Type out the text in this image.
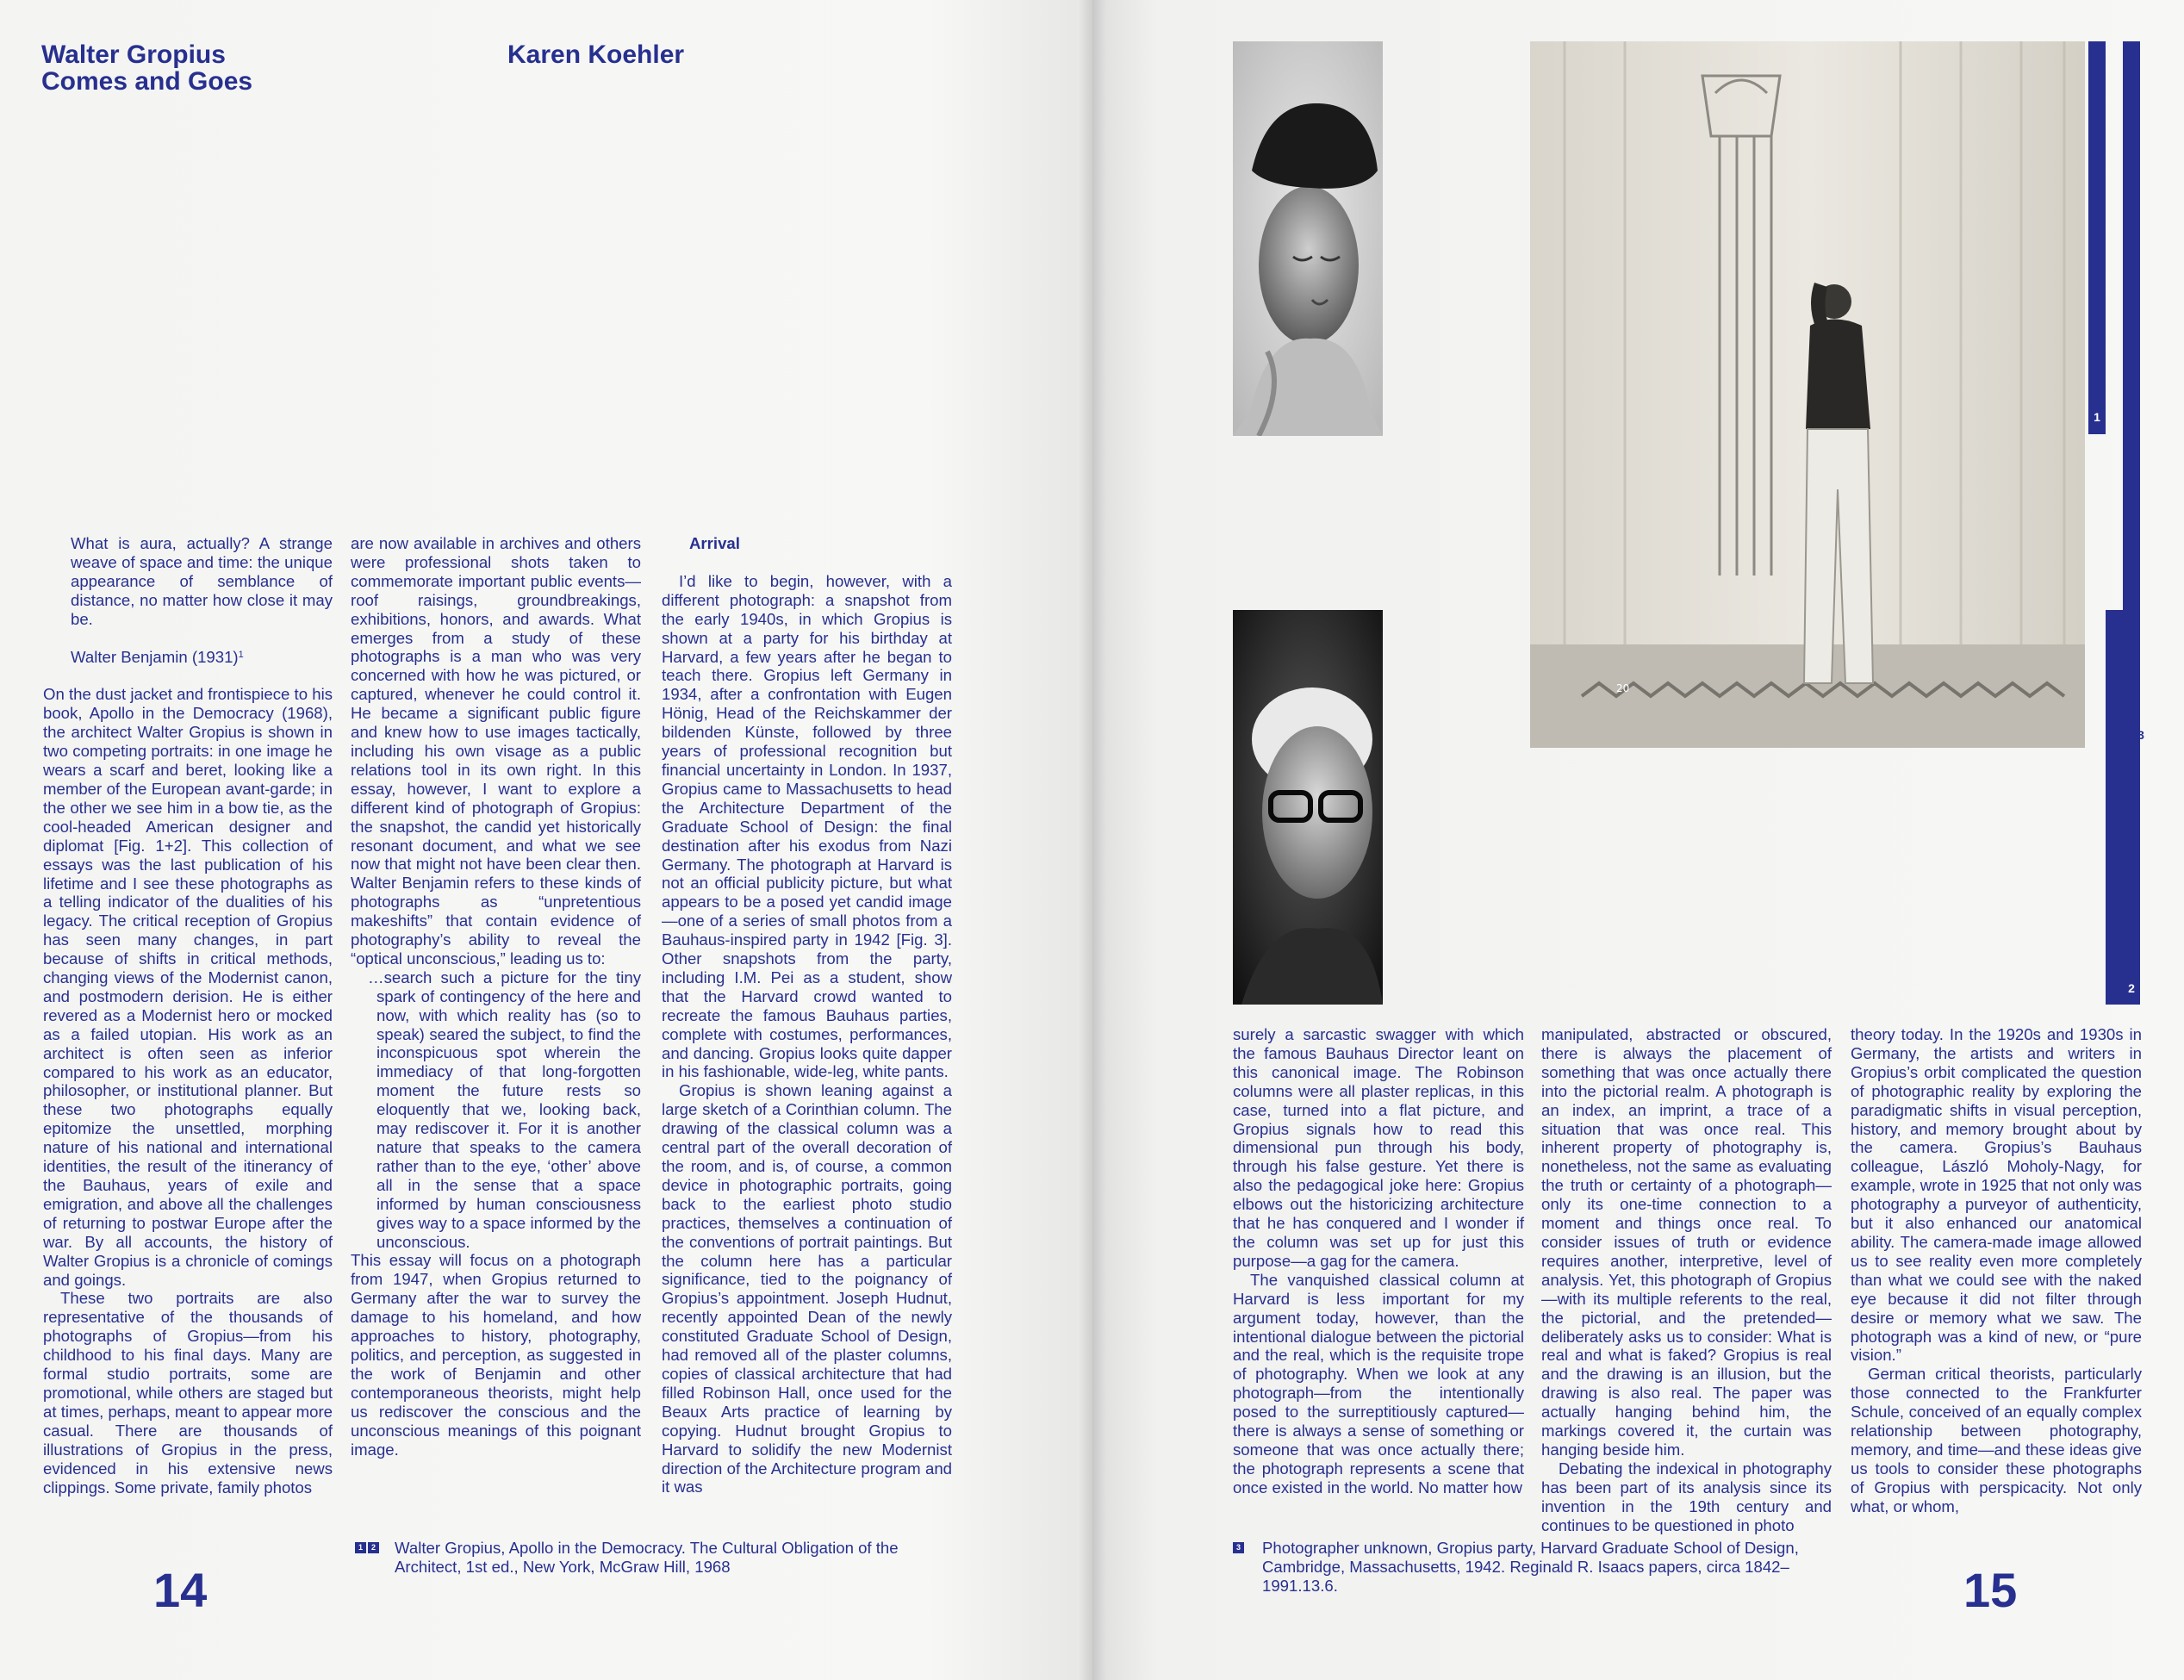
Walter Gropius
Comes and Goes
Karen Koehler

What is aura, actually? A strange weave of space and time: the unique appearance of semblance of distance, no matter how close it may be.

Walter Benjamin $(1931)^1$

On the dust jacket and frontispiece to his book, Apollo in the Democracy (1968), the architect Walter Gropius is shown in two competing portraits: in one image he wears a scarf and beret, looking like a member of the European avant-garde; in the other we see him in a bow tie, as the cool-headed American designer and diplomat [Fig. 1+2]. This collection of essays was the last publication of his lifetime and I see these photographs as a telling indicator of the dualities of his legacy. The critical reception of Gropius has seen many changes, in part because of shifts in critical methods, changing views of the Modernist canon, and postmodern derision. He is either revered as a Modernist hero or mocked as a failed utopian. His work as an architect is often seen as inferior compared to his work as an educator, philosopher, or institutional planner. But these two photographs equally epitomize the unsettled, morphing nature of his national and international identities, the result of the itinerancy of the Bauhaus, years of exile and emigration, and above all the challenges of returning to postwar Europe after the war. By all accounts, the history of Walter Gropius is a chronicle of comings and goings.

These two portraits are also representative of the thousands of photographs of Gropius—from his childhood to his final days. Many are formal studio portraits, some are promotional, while others are staged but at times, perhaps, meant to appear more casual. There are thousands of illustrations of Gropius in the press, evidenced in his extensive news clippings. Some private, family photos

are now available in archives and others were professional shots taken to commemorate important public events—roof raisings, groundbreakings, exhibitions, honors, and awards. What emerges from a study of these photographs is a man who was very concerned with how he was pictured, or captured, whenever he could control it. He became a significant public figure and knew how to use images tactically, including his own visage as a public relations tool in its own right. In this essay, however, I want to explore a different kind of photograph of Gropius: the snapshot, the candid yet historically resonant document, and what we see now that might not have been clear then. Walter Benjamin refers to these kinds of photographs as “unpretentious makeshifts” that contain evidence of photography’s ability to reveal the “optical unconscious,” leading us to:

…search such a picture for the tiny spark of contingency of the here and now, with which reality has (so to speak) seared the subject, to find the inconspicuous spot wherein the immediacy of that long-forgotten moment the future rests so eloquently that we, looking back, may rediscover it. For it is another nature that speaks to the camera rather than to the eye, ‘other’ above all in the sense that a space informed by human consciousness gives way to a space informed by the unconscious.

This essay will focus on a photograph from 1947, when Gropius returned to Germany after the war to survey the damage to his homeland, and how approaches to history, photography, politics, and perception, as suggested in the work of Benjamin and other contemporaneous theorists, might help us rediscover the conscious and the unconscious meanings of this poignant image.

Arrival

I’d like to begin, however, with a different photograph: a snapshot from the early 1940s, in which Gropius is shown at a party for his birthday at Harvard, a few years after he began to teach there. Gropius left Germany in 1934, after a confrontation with Eugen Hönig, Head of the Reichskammer der bildenden Künste, followed by three years of professional recognition but financial uncertainty in London. In 1937, Gropius came to Massachusetts to head the Architecture Department of the Graduate School of Design: the final destination after his exodus from Nazi Germany. The photograph at Harvard is not an official publicity picture, but what appears to be a posed yet candid image—one of a series of small photos from a Bauhaus-inspired party in 1942 [Fig. 3]. Other snapshots from the party, including I.M. Pei as a student, show that the Harvard crowd wanted to recreate the famous Bauhaus parties, complete with costumes, performances, and dancing. Gropius looks quite dapper in his fashionable, wide-leg, white pants.

Gropius is shown leaning against a large sketch of a Corinthian column. The drawing of the classical column was a central part of the overall decoration of the room, and is, of course, a common device in photographic portraits, going back to the earliest photo studio practices, themselves a continuation of the conventions of portrait paintings. But the column here has a particular significance, tied to the poignancy of Gropius’s appointment. Joseph Hudnut, recently appointed Dean of the newly constituted Graduate School of Design, had removed all of the plaster columns, copies of classical architecture that had filled Robinson Hall, once used for the Beaux Arts practice of learning by copying. Hudnut brought Gropius to Harvard to solidify the new Modernist direction of the Architecture program and it was

1	2 Walter Gropius, Apollo in the Democracy. The Cultural Obligation of the Architect, 1st ed., New York, McGraw Hill, 1968
14
20
1
2
3

surely a sarcastic swagger with which the famous Bauhaus Director leant on this canonical image. The Robinson columns were all plaster replicas, in this case, turned into a flat picture, and Gropius signals how to read this dimensional pun through his body, through his false gesture. Yet there is also the pedagogical joke here: Gropius elbows out the historicizing architecture that he has conquered and I wonder if the column was set up for just this purpose—a gag for the camera.

The vanquished classical column at Harvard is less important for my argument today, however, than the intentional dialogue between the pictorial and the real, which is the requisite trope of photography. When we look at any photograph—from the intentionally posed to the surreptitiously captured—there is always a sense of something or someone that was once actually there; the photograph represents a scene that once existed in the world. No matter how

manipulated, abstracted or obscured, there is always the placement of something that was once actually there into the pictorial realm. A photograph is an index, an imprint, a trace of a situation that was once real. This inherent property of photography is, nonetheless, not the same as evaluating the truth or certainty of a photograph—only its one-time connection to a moment and things once real. To consider issues of truth or evidence requires another, interpretive, level of analysis. Yet, this photograph of Gropius—with its multiple referents to the real, the pictorial, and the pretended—deliberately asks us to consider: What is real and what is faked? Gropius is real and the drawing is an illusion, but the drawing is also real. The paper was actually hanging behind him, the markings covered it, the curtain was hanging beside him.

Debating the indexical in photography has been part of its analysis since its invention in the 19th century and continues to be questioned in photo

theory today. In the 1920s and 1930s in Germany, the artists and writers in Gropius’s orbit complicated the question of photographic reality by exploring the paradigmatic shifts in visual perception, history, and memory brought about by the camera. Gropius’s Bauhaus colleague, László Moholy-Nagy, for example, wrote in 1925 that not only was photography a purveyor of authenticity, but it also enhanced our anatomical ability. The camera-made image allowed us to see reality even more completely than what we could see with the naked eye because it did not filter through desire or memory what we saw. The photograph was a kind of new, or “pure vision.”

German critical theorists, particularly those connected to the Frankfurter Schule, conceived of an equally complex relationship between photography, memory, and time—and these ideas give us tools to consider these photographs of Gropius with perspicacity. Not only what, or whom,

3 Photographer unknown, Gropius party, Harvard Graduate School of Design, Cambridge, Massachusetts, 1942. Reginald R. Isaacs papers, circa 1842–1991.13.6.	15
